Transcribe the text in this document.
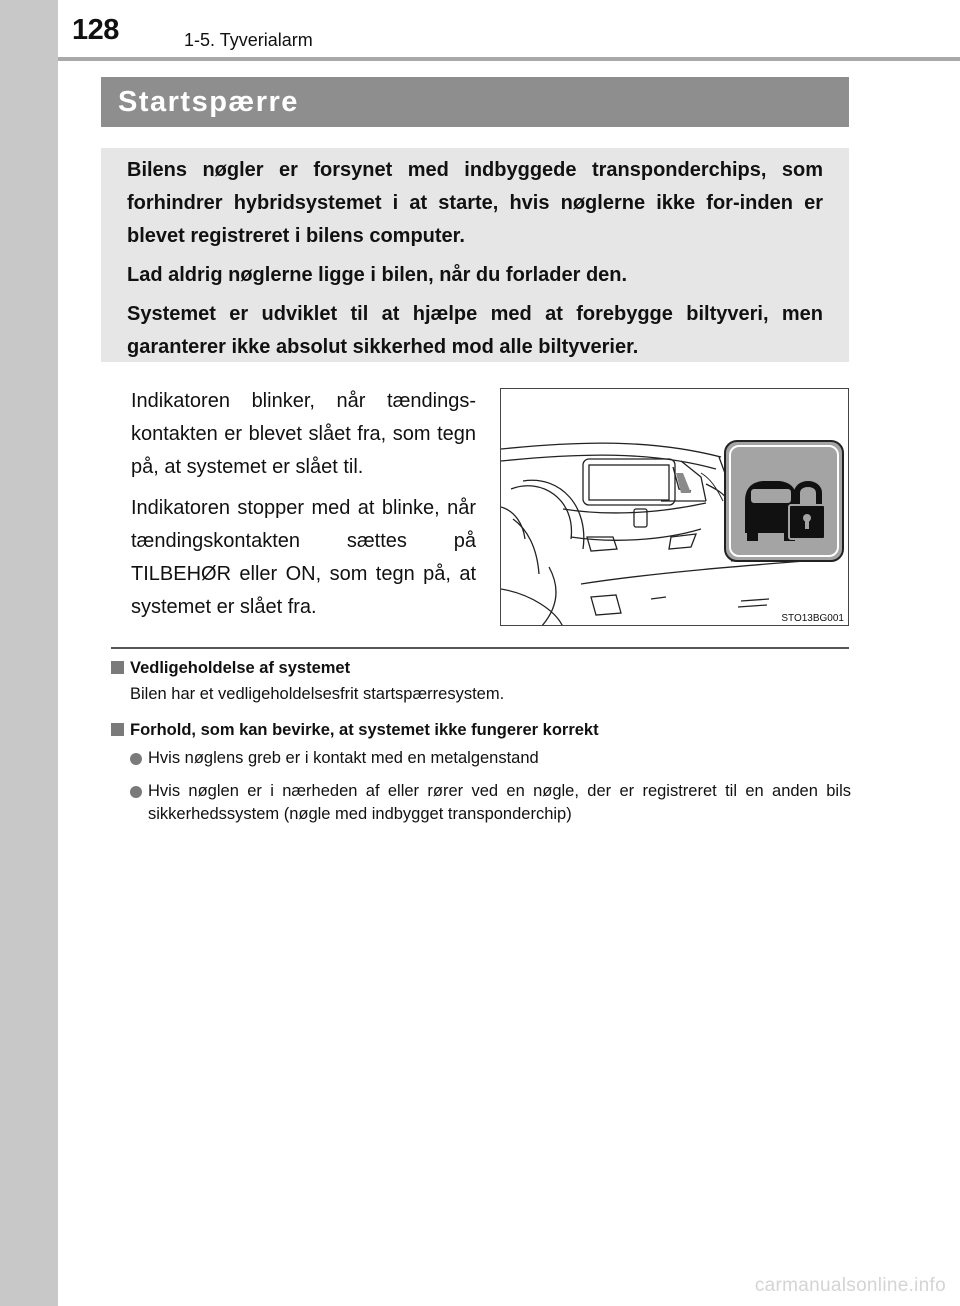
128	1-5. Tyverialarm
Startspærre

Bilens nøgler er forsynet med indbyggede transponderchips, som forhindrer hybridsystemet i at starte, hvis nøglerne ikke for-inden er blevet registreret i bilens computer.

Lad aldrig nøglerne ligge i bilen, når du forlader den.

Systemet er udviklet til at hjælpe med at forebygge biltyveri, men garanterer ikke absolut sikkerhed mod alle biltyverier.

Indikatoren blinker, når tændings-kontakten er blevet slået fra, som tegn på, at systemet er slået til.

Indikatoren stopper med at blinke, når tændingskontakten sættes på TILBEHØR eller ON, som tegn på, at systemet er slået fra.

STO13BG001
Vedligeholdelse af systemet
Bilen har et vedligeholdelsesfrit startspærresystem.
Forhold, som kan bevirke, at systemet ikke fungerer korrekt
Hvis nøglens greb er i kontakt med en metalgenstand
Hvis nøglen er i nærheden af eller rører ved en nøgle, der er registreret til en anden bils sikkerhedssystem (nøgle med indbygget transponderchip)
carmanualsonline.info
